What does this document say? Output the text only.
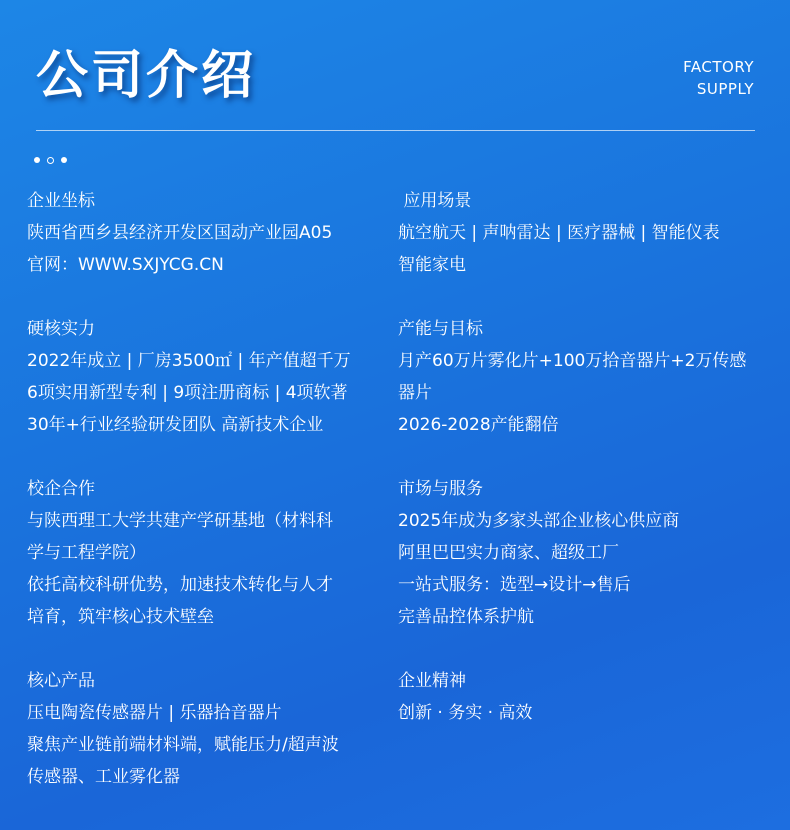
公司介绍	FACTORY
SUPPLY
企业坐标
陕西省西乡县经济开发区国动产业园A05
官网：WWW.SXJYCG.CN
硬核实力
2022年成立 | 厂房3500㎡ | 年产值超千万
6项实用新型专利 | 9项注册商标 | 4项软著
30年+行业经验研发团队 高新技术企业
校企合作
与陕西理工大学共建产学研基地（材料科
学与工程学院）
依托高校科研优势，加速技术转化与人才
培育，筑牢核心技术壁垒
核心产品
压电陶瓷传感器片 | 乐器拾音器片
聚焦产业链前端材料端，赋能压力/超声波
传感器、工业雾化器
应用场景
航空航天 | 声呐雷达 | 医疗器械 | 智能仪表
智能家电
产能与目标
月产60万片雾化片+100万拾音器片+2万传感
器片
2026-2028产能翻倍
市场与服务
2025年成为多家头部企业核心供应商
阿里巴巴实力商家、超级工厂
一站式服务：选型→设计→售后
完善品控体系护航
企业精神
创新 · 务实 · 高效
